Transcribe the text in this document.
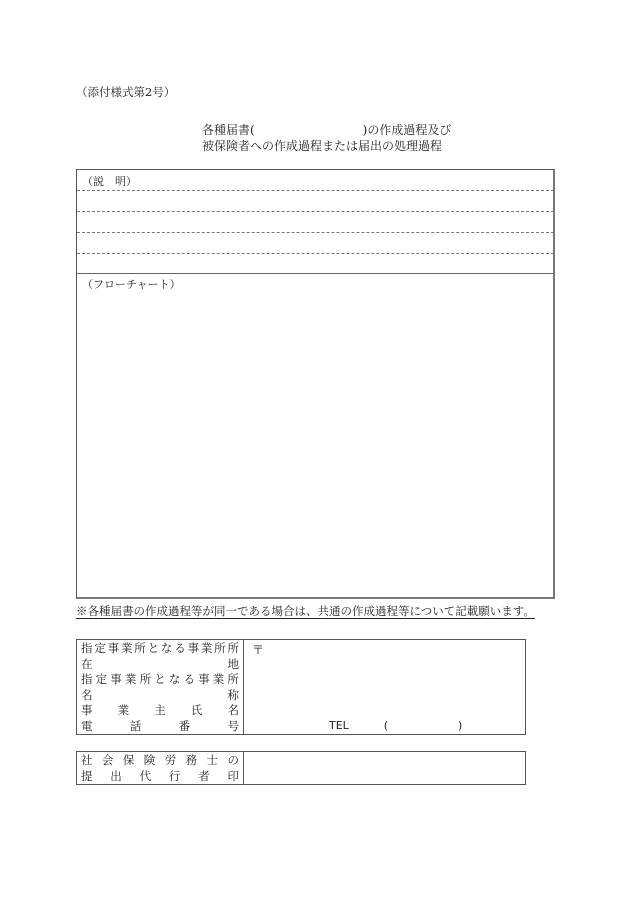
（添付様式第2号）
各種届書(　　　　　　　　　)の作成過程及び
被保険者への作成過程または届出の処理過程
（説　明）
（フローチャート）
※各種届書の作成過程等が同一である場合は、共通の作成過程等について記載願います。
指 定 事 業 所 と な る 事 業 所 所
在	地
指 定 事 業 所 と な る 事 業 所
名	称
事 業 主 氏 名
電	話	番	号
	〒
TEL	(                    )
社 会 保 険 労 務 士 の
提 出 代 行 者 印
